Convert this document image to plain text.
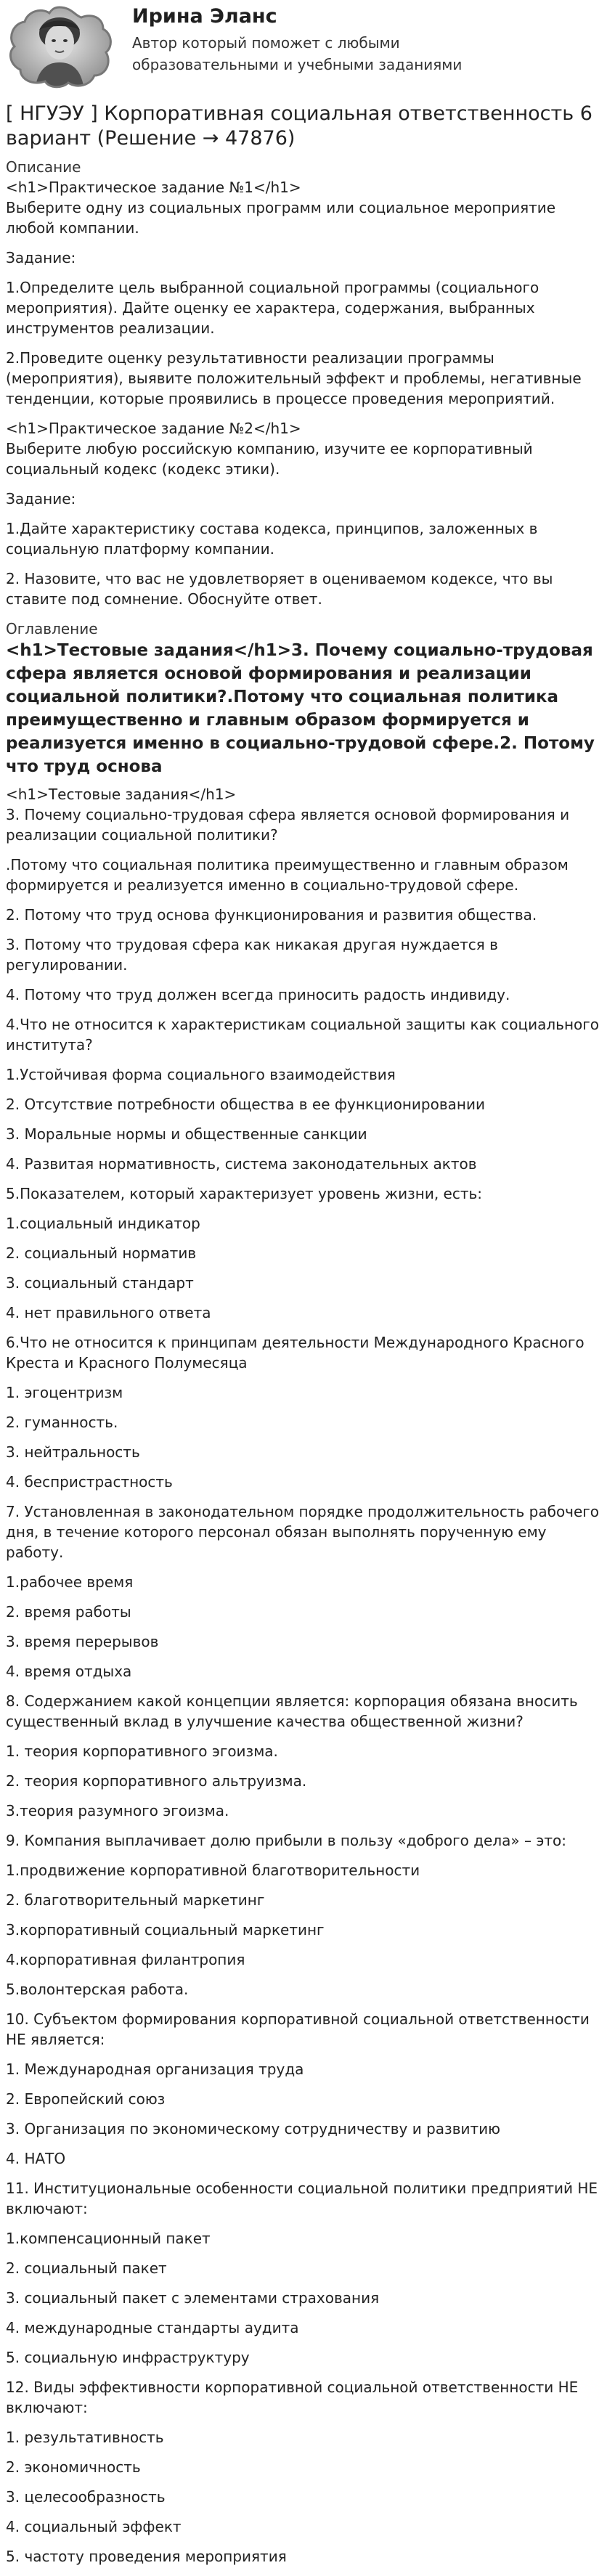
Ирина Эланс
Автор который поможет с любыми образовательными и учебными заданиями
[ НГУЭУ ] Корпоративная социальная ответственность 6 вариант (Решение → 47876)
Описание
<h1>Практическое задание №1</h1>
Выберите одну из социальных программ или социальное мероприятие любой компании.
Задание:
1.Определите цель выбранной социальной программы (социального мероприятия). Дайте оценку ее характера, содержания, выбранных инструментов реализации.
2.Проведите оценку результативности реализации программы (мероприятия), выявите положительный эффект и проблемы, негативные тенденции, которые проявились в процессе проведения мероприятий.
<h1>Практическое задание №2</h1>
Выберите любую российскую компанию, изучите ее корпоративный социальный кодекс (кодекс этики).
Задание:
1.Дайте характеристику состава кодекса, принципов, заложенных в социальную платформу компании.
2. Назовите, что вас не удовлетворяет в оцениваемом кодексе, что вы ставите под сомнение. Обоснуйте ответ.
Оглавление
<h1>Тестовые задания</h1>3. Почему социально-трудовая сфера является основой формирования и реализации социальной политики?.Потому что социальная политика преимущественно и главным образом формируется и реализуется именно в социально-трудовой сфере.2. Потому что труд основа
<h1>Тестовые задания</h1>
3. Почему социально-трудовая сфера является основой формирования и реализации социальной политики?
.Потому что социальная политика преимущественно и главным образом формируется и реализуется именно в социально-трудовой сфере.
2. Потому что труд основа функционирования и развития общества.
3. Потому что трудовая сфера как никакая другая нуждается в регулировании.
4. Потому что труд должен всегда приносить радость индивиду.
4.Что не относится к характеристикам социальной защиты как социального института?
1.Устойчивая форма социального взаимодействия
2. Отсутствие потребности общества в ее функционировании
3. Моральные нормы и общественные санкции
4. Развитая нормативность, система законодательных актов
5.Показателем, который характеризует уровень жизни, есть:
1.социальный индикатор
2. социальный норматив
3. социальный стандарт
4. нет правильного ответа
6.Что не относится к принципам деятельности Международного Красного Креста и Красного Полумесяца
1. эгоцентризм
2. гуманность.
3. нейтральность
4. беспристрастность
7. Установленная в законодательном порядке продолжительность рабочего дня, в течение которого персонал обязан выполнять порученную ему работу.
1.рабочее время
2. время работы
3. время перерывов
4. время отдыха
8. Содержанием какой концепции является: корпорация обязана вносить существенный вклад в улучшение качества общественной жизни?
1. теория корпоративного эгоизма.
2. теория корпоративного альтруизма.
3.теория разумного эгоизма.
9. Компания выплачивает долю прибыли в пользу «доброго дела» – это:
1.продвижение корпоративной благотворительности
2. благотворительный маркетинг
3.корпоративный социальный маркетинг
4.корпоративная филантропия
5.волонтерская работа.
10. Субъектом формирования корпоративной социальной ответственности НЕ является:
1. Международная организация труда
2. Европейский союз
3. Организация по экономическому сотрудничеству и развитию
4. НАТО
11. Институциональные особенности социальной политики предприятий НЕ включают:
1.компенсационный пакет
2. социальный пакет
3. социальный пакет с элементами страхования
4. международные стандарты аудита
5. социальную инфраструктуру
12. Виды эффективности корпоративной социальной ответственности НЕ включают:
1. результативность
2. экономичность
3. целесообразность
4. социальный эффект
5. частоту проведения мероприятия
